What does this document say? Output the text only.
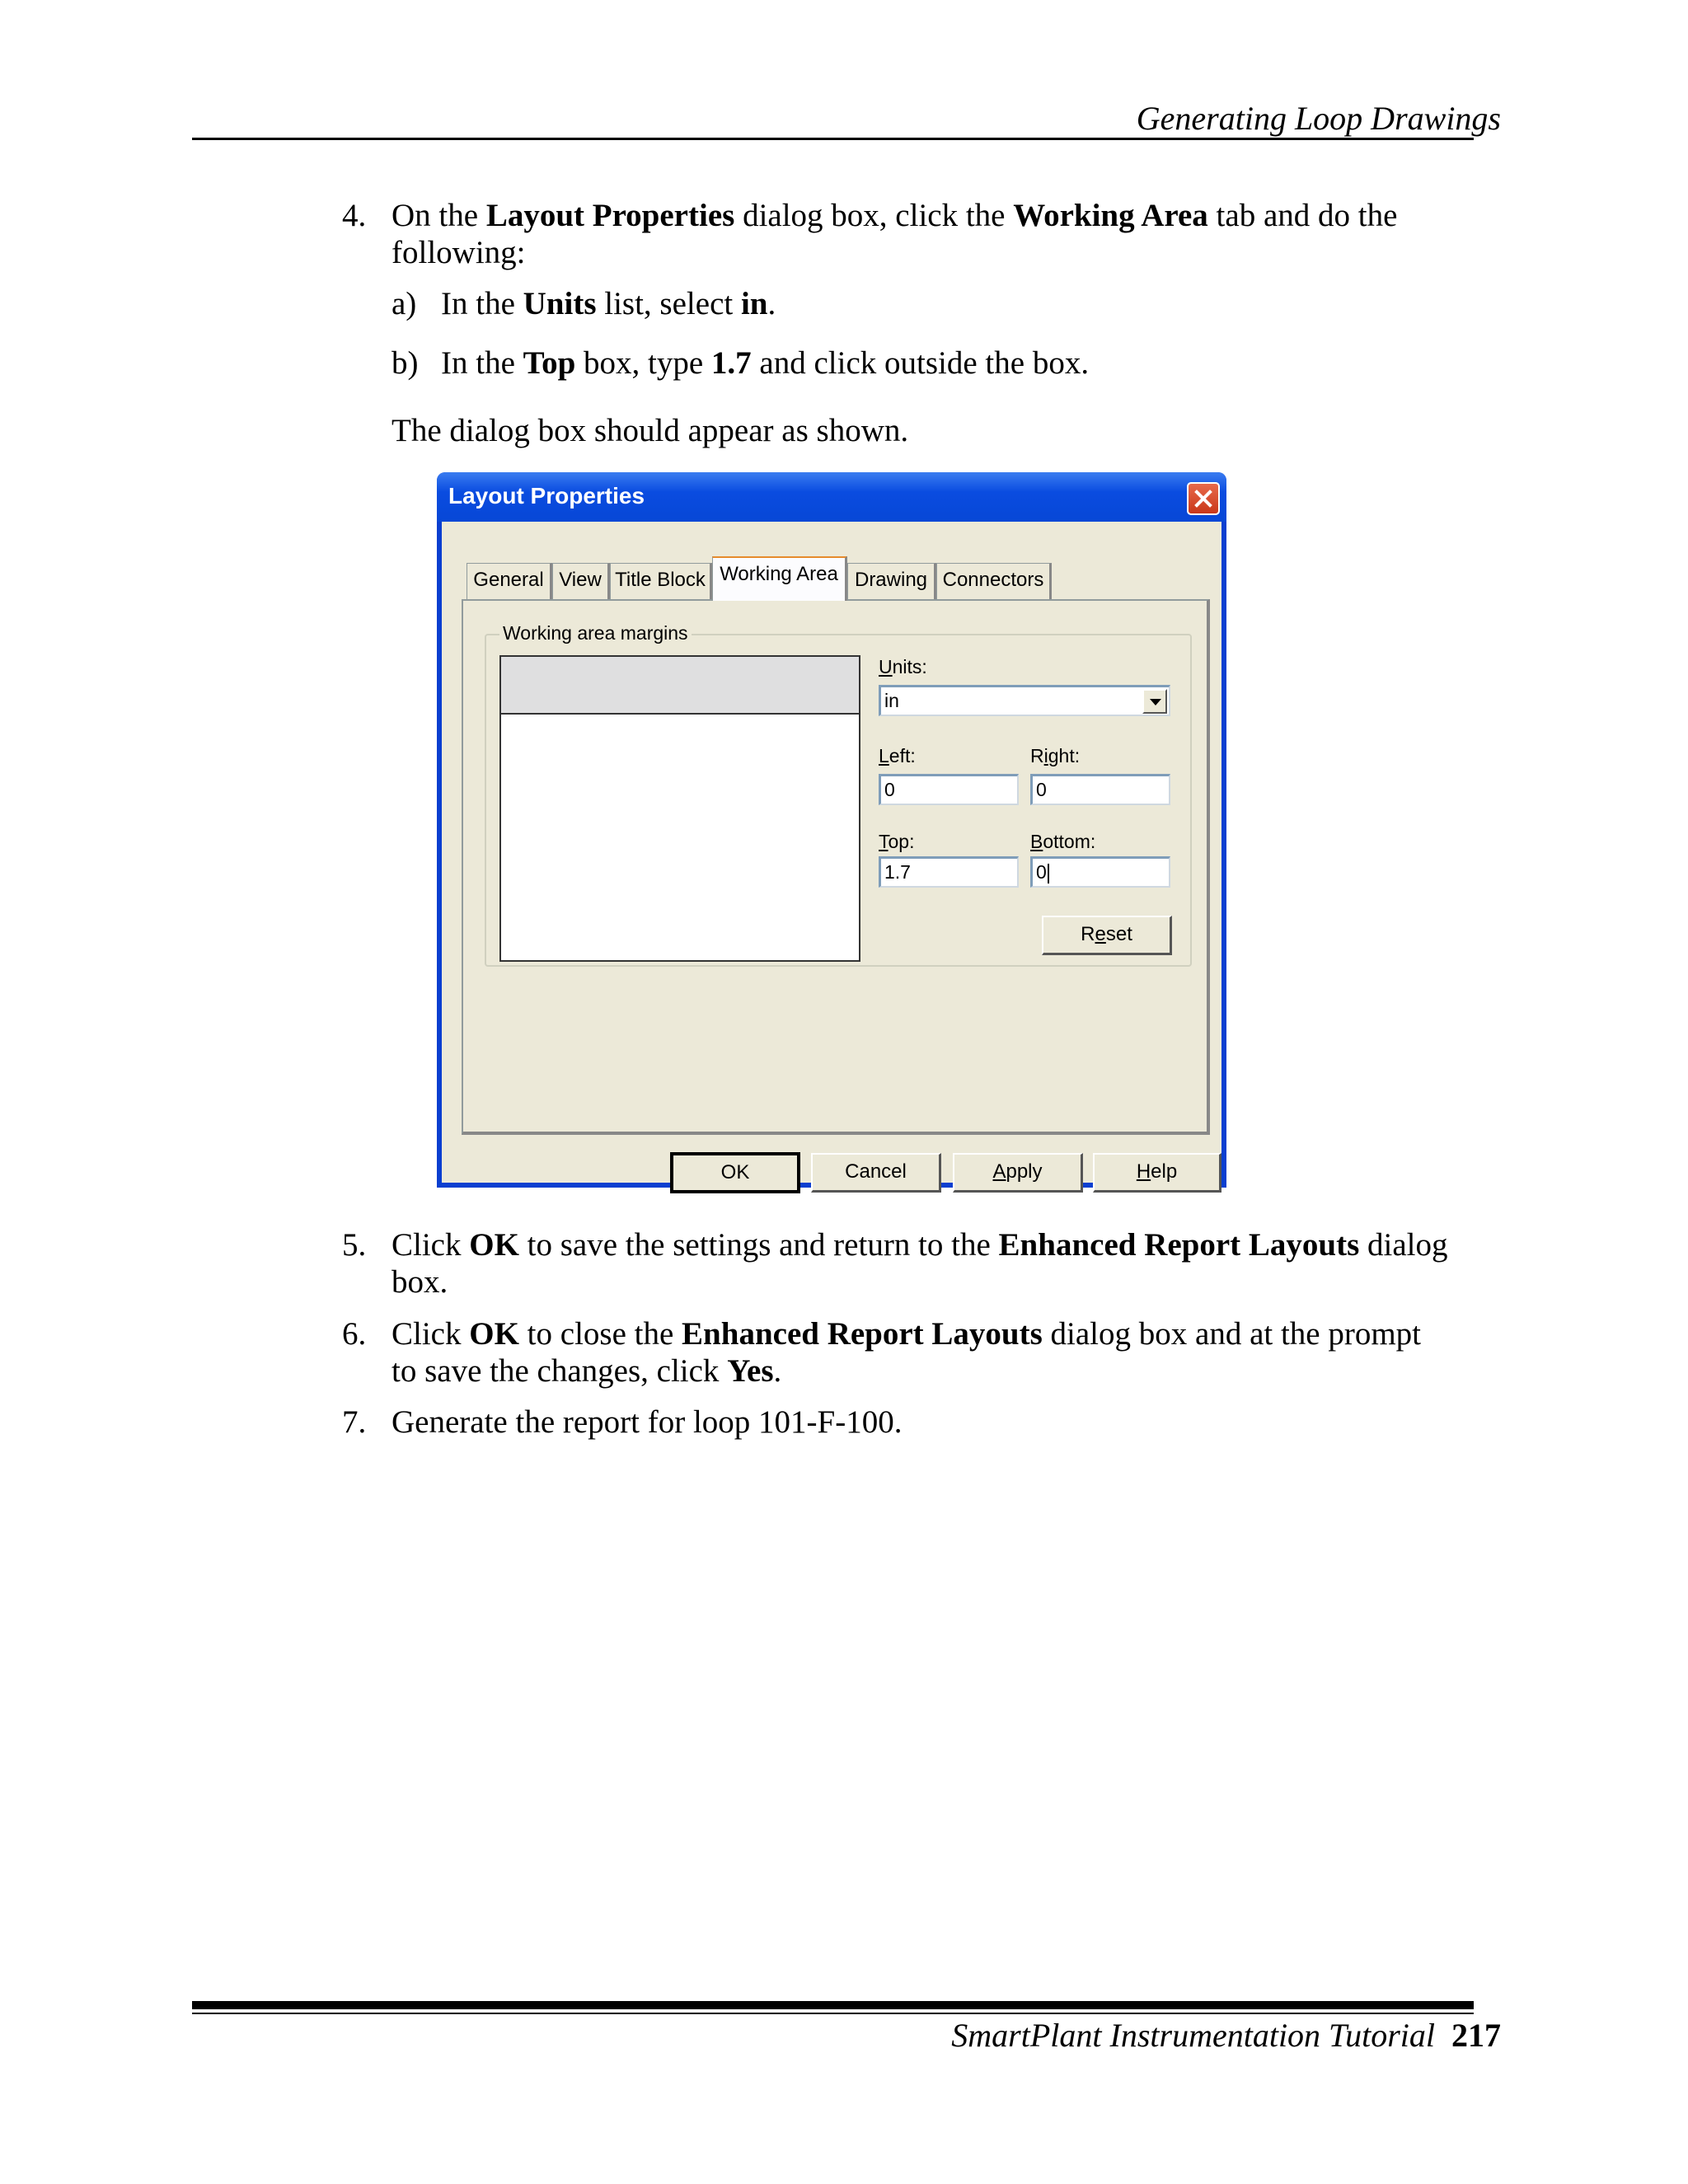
Generating Loop Drawings
4. On the Layout Properties dialog box, click the Working Area tab and do the
following:
a) In the Units list, select in.
b) In the Top box, type 1.7 and click outside the box.
The dialog box should appear as shown.
Layout Properties
General View Title Block Working Area Drawing Connectors
Working area margins
Units:
in
Left:
0
Right:
0
Top:
1.7
Bottom:
0
Reset
OK	Cancel	Apply	Help
5. Click OK to save the settings and return to the Enhanced Report Layouts dialog
box.
6. Click OK to close the Enhanced Report Layouts dialog box and at the prompt
to save the changes, click Yes.
7. Generate the report for loop 101-F-100.
SmartPlant Instrumentation Tutorial 217
